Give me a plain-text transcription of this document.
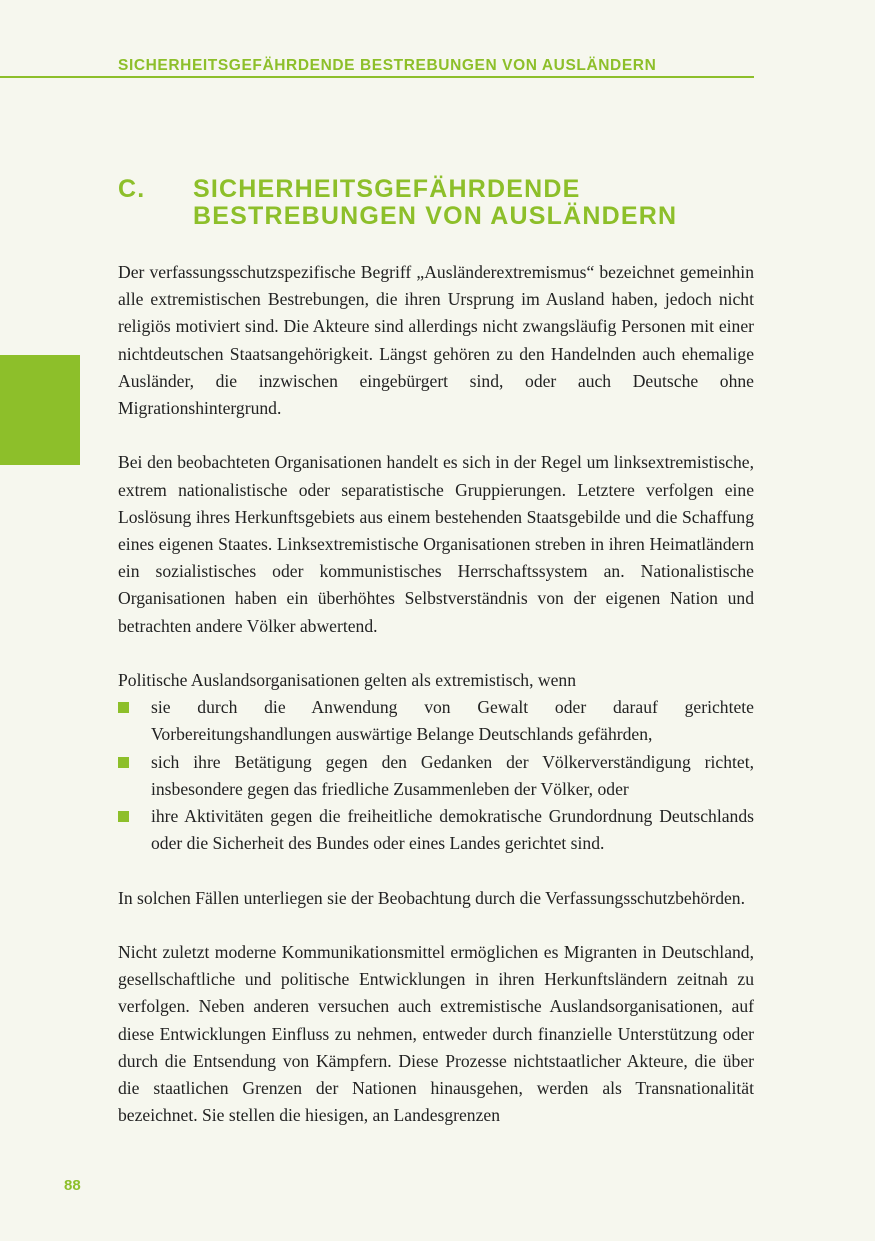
SICHERHEITSGEFÄHRDENDE BESTREBUNGEN VON AUSLÄNDERN
C. SICHERHEITSGEFÄHRDENDE
BESTREBUNGEN VON AUSLÄNDERN

Der verfassungsschutzspezifische Begriff „Ausländerextremismus“ bezeichnet gemeinhin alle extremistischen Bestrebungen, die ihren Ursprung im Ausland haben, jedoch nicht religiös motiviert sind. Die Akteure sind allerdings nicht zwangsläufig Personen mit einer nichtdeutschen Staatsangehörigkeit. Längst gehören zu den Handelnden auch ehemalige Ausländer, die inzwischen eingebürgert sind, oder auch Deutsche ohne Migrationshintergrund.

Bei den beobachteten Organisationen handelt es sich in der Regel um linksextremistische, extrem nationalistische oder separatistische Gruppierungen. Letztere verfolgen eine Loslösung ihres Herkunftsgebiets aus einem bestehenden Staatsgebilde und die Schaffung eines eigenen Staates. Linksextremistische Organisationen streben in ihren Heimatländern ein sozialistisches oder kommunistisches Herrschaftssystem an. Nationalistische Organisationen haben ein überhöhtes Selbstverständnis von der eigenen Nation und betrachten andere Völker abwertend.

Politische Auslandsorganisationen gelten als extremistisch, wenn

sie durch die Anwendung von Gewalt oder darauf gerichtete Vorbereitungshandlungen auswärtige Belange Deutschlands gefährden,
sich ihre Betätigung gegen den Gedanken der Völkerverständigung richtet, insbesondere gegen das friedliche Zusammenleben der Völker, oder
ihre Aktivitäten gegen die freiheitliche demokratische Grundordnung Deutschlands oder die Sicherheit des Bundes oder eines Landes gerichtet sind.

In solchen Fällen unterliegen sie der Beobachtung durch die Verfassungsschutzbehörden.

Nicht zuletzt moderne Kommunikationsmittel ermöglichen es Migranten in Deutschland, gesellschaftliche und politische Entwicklungen in ihren Herkunftsländern zeitnah zu verfolgen. Neben anderen versuchen auch extremistische Auslandsorganisationen, auf diese Entwicklungen Einfluss zu nehmen, entweder durch finanzielle Unterstützung oder durch die Entsendung von Kämpfern. Diese Prozesse nichtstaatlicher Akteure, die über die staatlichen Grenzen der Nationen hinausgehen, werden als Transnationalität bezeichnet. Sie stellen die hiesigen, an Landesgrenzen

88
